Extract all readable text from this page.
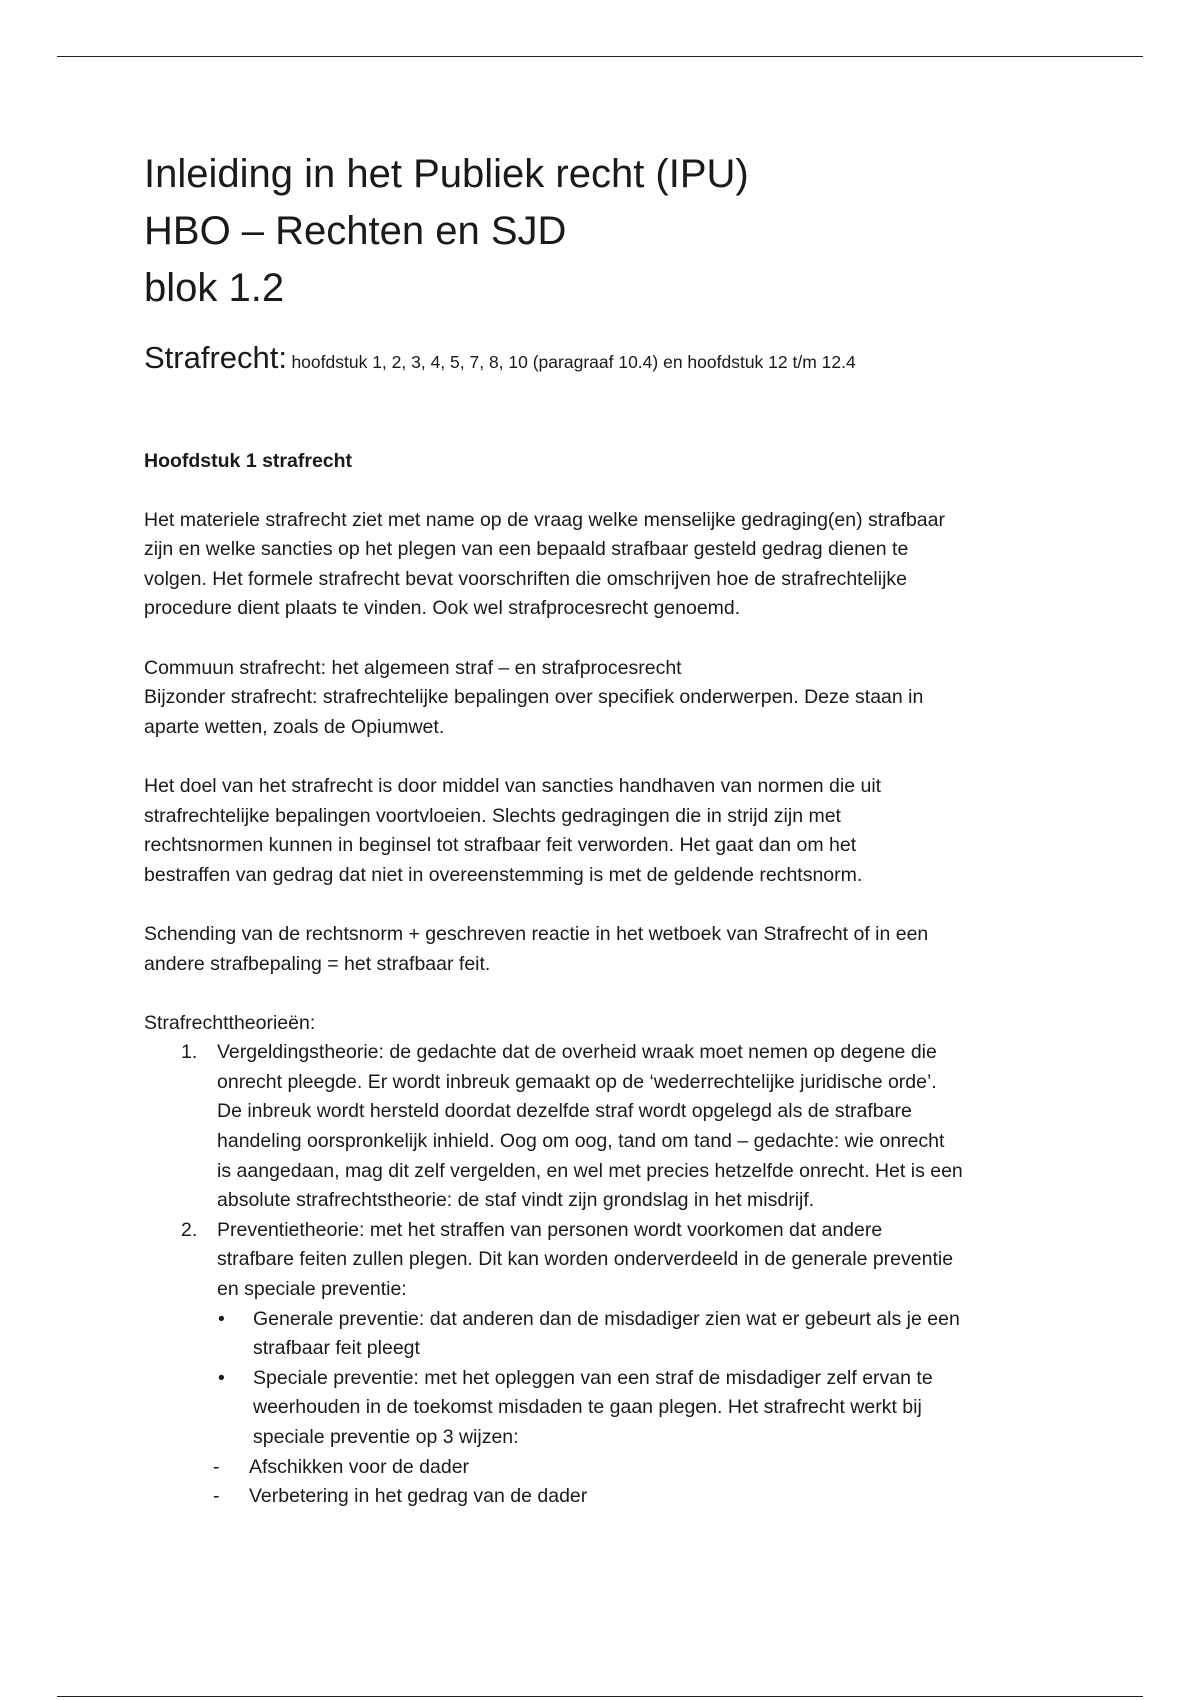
Inleiding in het Publiek recht (IPU)
HBO – Rechten en SJD
blok 1.2
Strafrecht: hoofdstuk 1, 2, 3, 4, 5, 7, 8, 10 (paragraaf 10.4) en hoofdstuk 12 t/m 12.4
Hoofdstuk 1 strafrecht

Het materiele strafrecht ziet met name op de vraag welke menselijke gedraging(en) strafbaar
zijn en welke sancties op het plegen van een bepaald strafbaar gesteld gedrag dienen te
volgen. Het formele strafrecht bevat voorschriften die omschrijven hoe de strafrechtelijke
procedure dient plaats te vinden. Ook wel strafprocesrecht genoemd.

Commuun strafrecht: het algemeen straf – en strafprocesrecht
Bijzonder strafrecht: strafrechtelijke bepalingen over specifiek onderwerpen. Deze staan in
aparte wetten, zoals de Opiumwet.

Het doel van het strafrecht is door middel van sancties handhaven van normen die uit
strafrechtelijke bepalingen voortvloeien. Slechts gedragingen die in strijd zijn met
rechtsnormen kunnen in beginsel tot strafbaar feit verworden. Het gaat dan om het
bestraffen van gedrag dat niet in overeenstemming is met de geldende rechtsnorm.

Schending van de rechtsnorm + geschreven reactie in het wetboek van Strafrecht of in een
andere strafbepaling = het strafbaar feit.

Strafrechttheorieën:

1. Vergeldingstheorie: de gedachte dat de overheid wraak moet nemen op degene die
onrecht pleegde. Er wordt inbreuk gemaakt op de ‘wederrechtelijke juridische orde’.
De inbreuk wordt hersteld doordat dezelfde straf wordt opgelegd als de strafbare
handeling oorspronkelijk inhield. Oog om oog, tand om tand – gedachte: wie onrecht
is aangedaan, mag dit zelf vergelden, en wel met precies hetzelfde onrecht. Het is een
absolute strafrechtstheorie: de staf vindt zijn grondslag in het misdrijf.
2. Preventietheorie: met het straffen van personen wordt voorkomen dat andere
strafbare feiten zullen plegen. Dit kan worden onderverdeeld in de generale preventie
en speciale preventie:
• Generale preventie: dat anderen dan de misdadiger zien wat er gebeurt als je een
strafbaar feit pleegt
• Speciale preventie: met het opleggen van een straf de misdadiger zelf ervan te
weerhouden in de toekomst misdaden te gaan plegen. Het strafrecht werkt bij
speciale preventie op 3 wijzen:
- Afschikken voor de dader
- Verbetering in het gedrag van de dader
